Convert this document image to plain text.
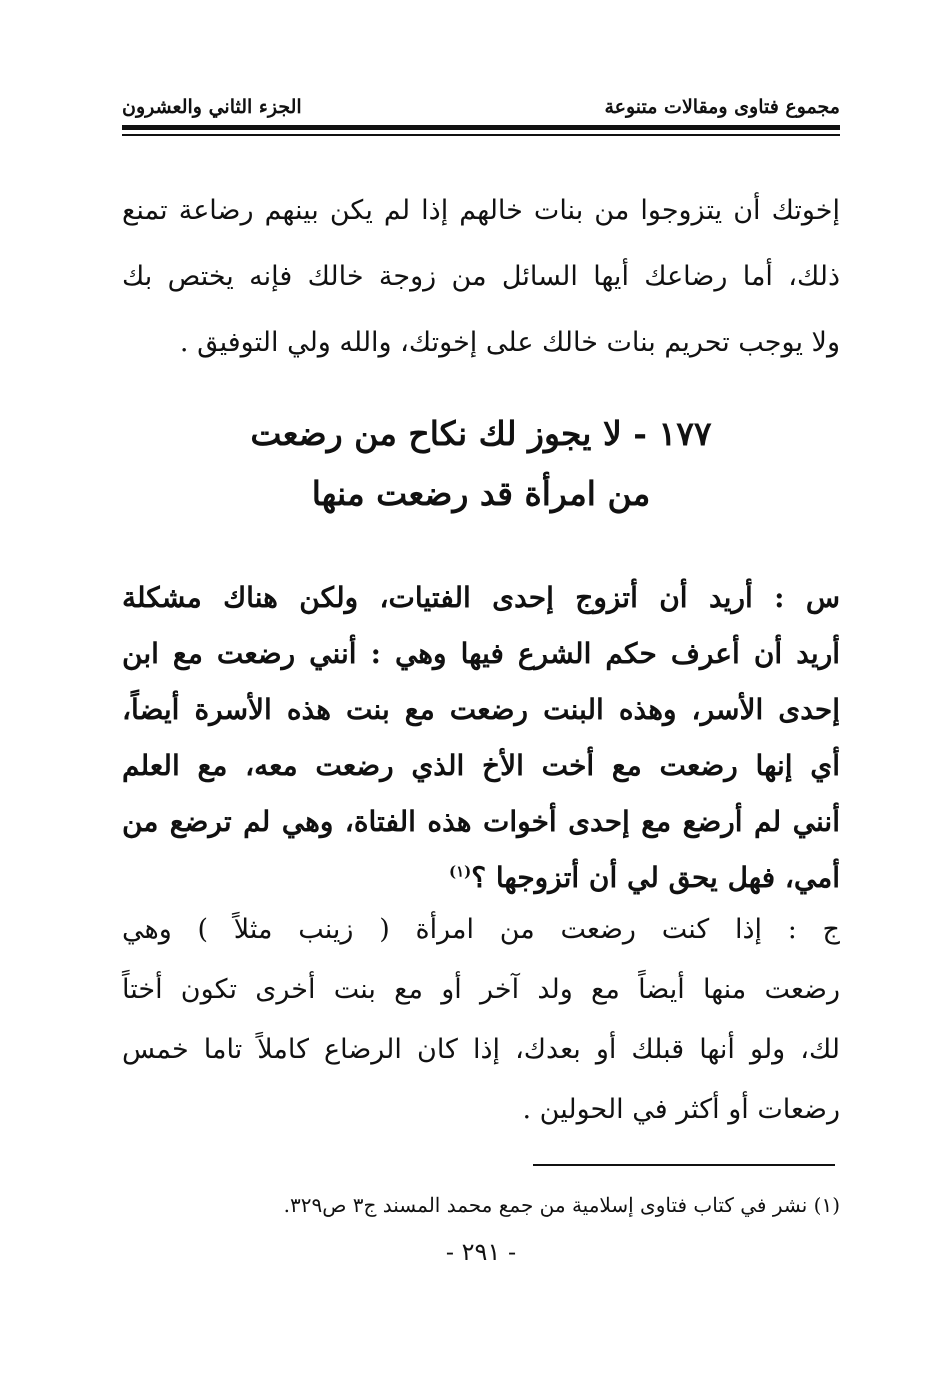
مجموع فتاوى ومقالات متنوعة
الجزء الثاني والعشرون
إخوتك أن يتزوجوا من بنات خالهم إذا لم يكن بينهم رضاعة تمنع
ذلك، أما رضاعك أيها السائل من زوجة خالك فإنه يختص بك
ولا يوجب تحريم بنات خالك على إخوتك، والله ولي التوفيق .
١٧٧ - لا يجوز لك نكاح من رضعت
من امرأة قد رضعت منها
س : أريد أن أتزوج إحدى الفتيات، ولكن هناك مشكلة
أريد أن أعرف حكم الشرع فيها وهي : أنني رضعت مع ابن
إحدى الأسر، وهذه البنت رضعت مع بنت هذه الأسرة أيضاً،
أي إنها رضعت مع أخت الأخ الذي رضعت معه، مع العلم
أنني لم أرضع مع إحدى أخوات هذه الفتاة، وهي لم ترضع من
أمي، فهل يحق لي أن أتزوجها ؟$^{(١)}$
ج : إذا كنت رضعت من امرأة ( زينب مثلاً ) وهي
رضعت منها أيضاً مع ولد آخر أو مع بنت أخرى تكون أختاً
لك، ولو أنها قبلك أو بعدك، إذا كان الرضاع كاملاً تاما خمس
رضعات أو أكثر في الحولين .
(١) نشر في كتاب فتاوى إسلامية من جمع محمد المسند ج٣ ص٣٢٩.
- ٢٩١ -
